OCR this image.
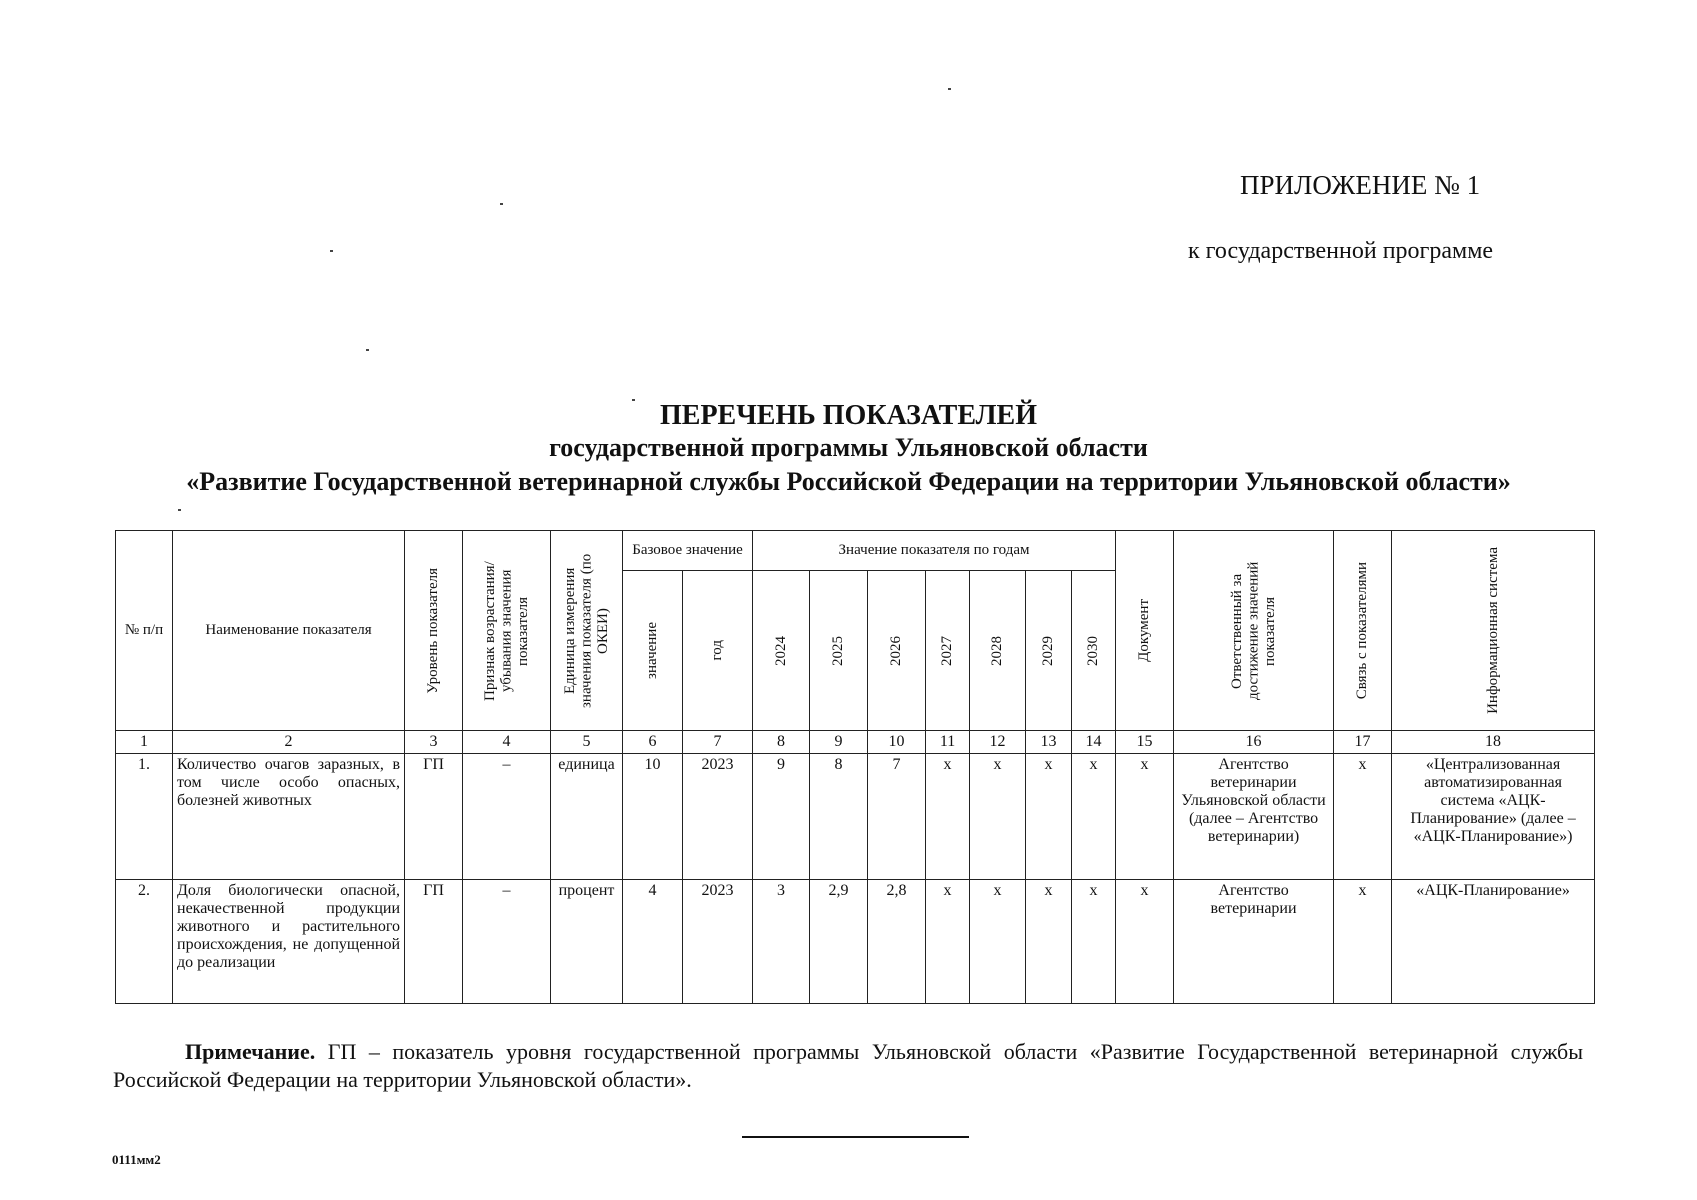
ПРИЛОЖЕНИЕ № 1
к государственной программе
ПЕРЕЧЕНЬ ПОКАЗАТЕЛЕЙ
государственной программы Ульяновской области
«Развитие Государственной ветеринарной службы Российской Федерации на территории Ульяновской области»
№ п/п	Наименование показателя	Уровень показателя	Признак возрастания/убывания значения показателя	Единица измерения значения показателя (по ОКЕИ)	Базовое значение		Значение показателя по годам							Документ	Ответственный за достижение значений показателя	Связь с показателями	Информационная система

					значение	год	2024	2025	2026	2027	2028	2029	2030				

1	2	3	4	5	6	7	8	9	10	11	12	13	14	15	16	17	18
1.	Количество очагов заразных, в том числе особо опасных, болезней животных	ГП	–	единица	10	2023	9	8	7	х	х	х	х	х	Агентство ветеринарии Ульяновской области (далее – Агентство ветеринарии)	х	«Централизованная автоматизированная система «АЦК-Планирование» (далее – «АЦК-Планирование»)
2.	Доля биологически опасной, некачественной продукции животного и растительного происхождения, не допущенной до реализации	ГП	–	процент	4	2023	3	2,9	2,8	х	х	х	х	х	Агентство ветеринарии	х	«АЦК-Планирование»
Примечание. ГП – показатель уровня государственной программы Ульяновской области «Развитие Государственной ветеринарной службы Российской Федерации на территории Ульяновской области».
0111мм2
